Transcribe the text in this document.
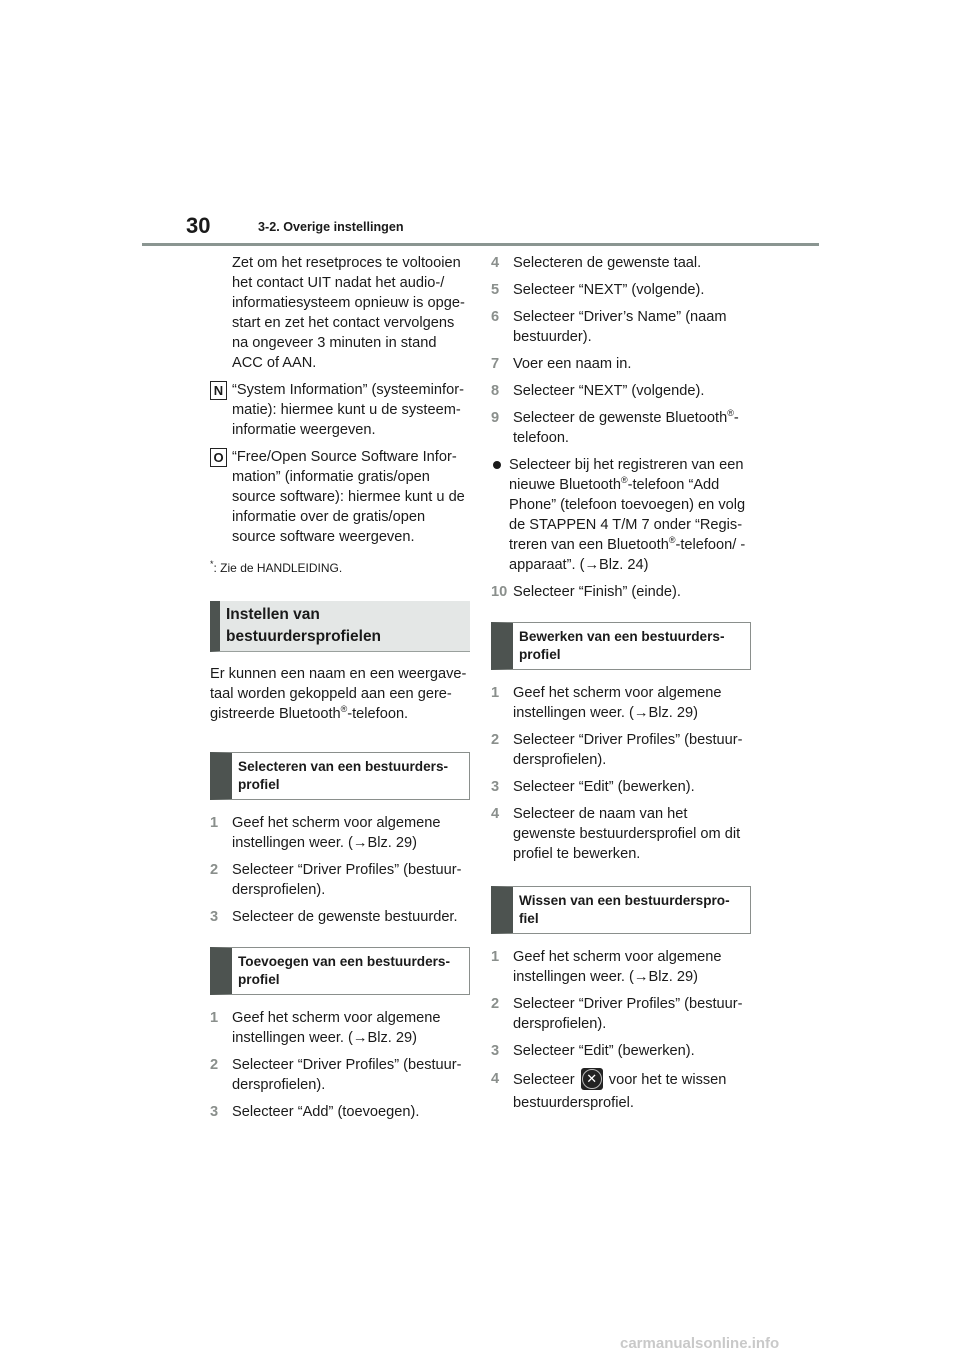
30	3-2. Overige instellingen

Zet om het resetproces te voltooien het contact UIT nadat het audio-/ informatiesysteem opnieuw is opge- start en zet het contact vervolgens na ongeveer 3 minuten in stand ACC of AAN.

N “System Information” (systeeminfor- matie): hiermee kunt u de systeem- informatie weergeven.
O “Free/Open Source Software Infor- mation” (informatie gratis/open source software): hiermee kunt u de informatie over de gratis/open source software weergeven.

*: Zie de HANDLEIDING.

Instellen van bestuurdersprofielen

Er kunnen een naam en een weergave- taal worden gekoppeld aan een gere- gistreerde Bluetooth®-telefoon.

Selecteren van een bestuurders- profiel
1 Geef het scherm voor algemene instellingen weer. (→Blz. 29)
2 Selecteer “Driver Profiles” (bestuur- dersprofielen).
3 Selecteer de gewenste bestuurder.
Toevoegen van een bestuurders- profiel
1 Geef het scherm voor algemene instellingen weer. (→Blz. 29)
2 Selecteer “Driver Profiles” (bestuur- dersprofielen).
3 Selecteer “Add” (toevoegen).
4 Selecteren de gewenste taal.
5 Selecteer “NEXT” (volgende).
6 Selecteer “Driver’s Name” (naam bestuurder).
7 Voer een naam in.
8 Selecteer “NEXT” (volgende).
9 Selecteer de gewenste Bluetooth®- telefoon.
Selecteer bij het registreren van een nieuwe Bluetooth®-telefoon “Add Phone” (telefoon toevoegen) en volg de STAPPEN 4 T/M 7 onder “Regis- treren van een Bluetooth®-telefoon/ -apparaat”. (→Blz. 24)
10 Selecteer “Finish” (einde).
Bewerken van een bestuurders- profiel
1 Geef het scherm voor algemene instellingen weer. (→Blz. 29)
2 Selecteer “Driver Profiles” (bestuur- dersprofielen).
3 Selecteer “Edit” (bewerken).
4 Selecteer de naam van het gewenste bestuurdersprofiel om dit profiel te bewerken.
Wissen van een bestuurderspro- fiel
1 Geef het scherm voor algemene instellingen weer. (→Blz. 29)
2 Selecteer “Driver Profiles” (bestuur- dersprofielen).
3 Selecteer “Edit” (bewerken).
4 Selecteer ✕ voor het te wissen bestuurdersprofiel.
carmanualsonline.info
